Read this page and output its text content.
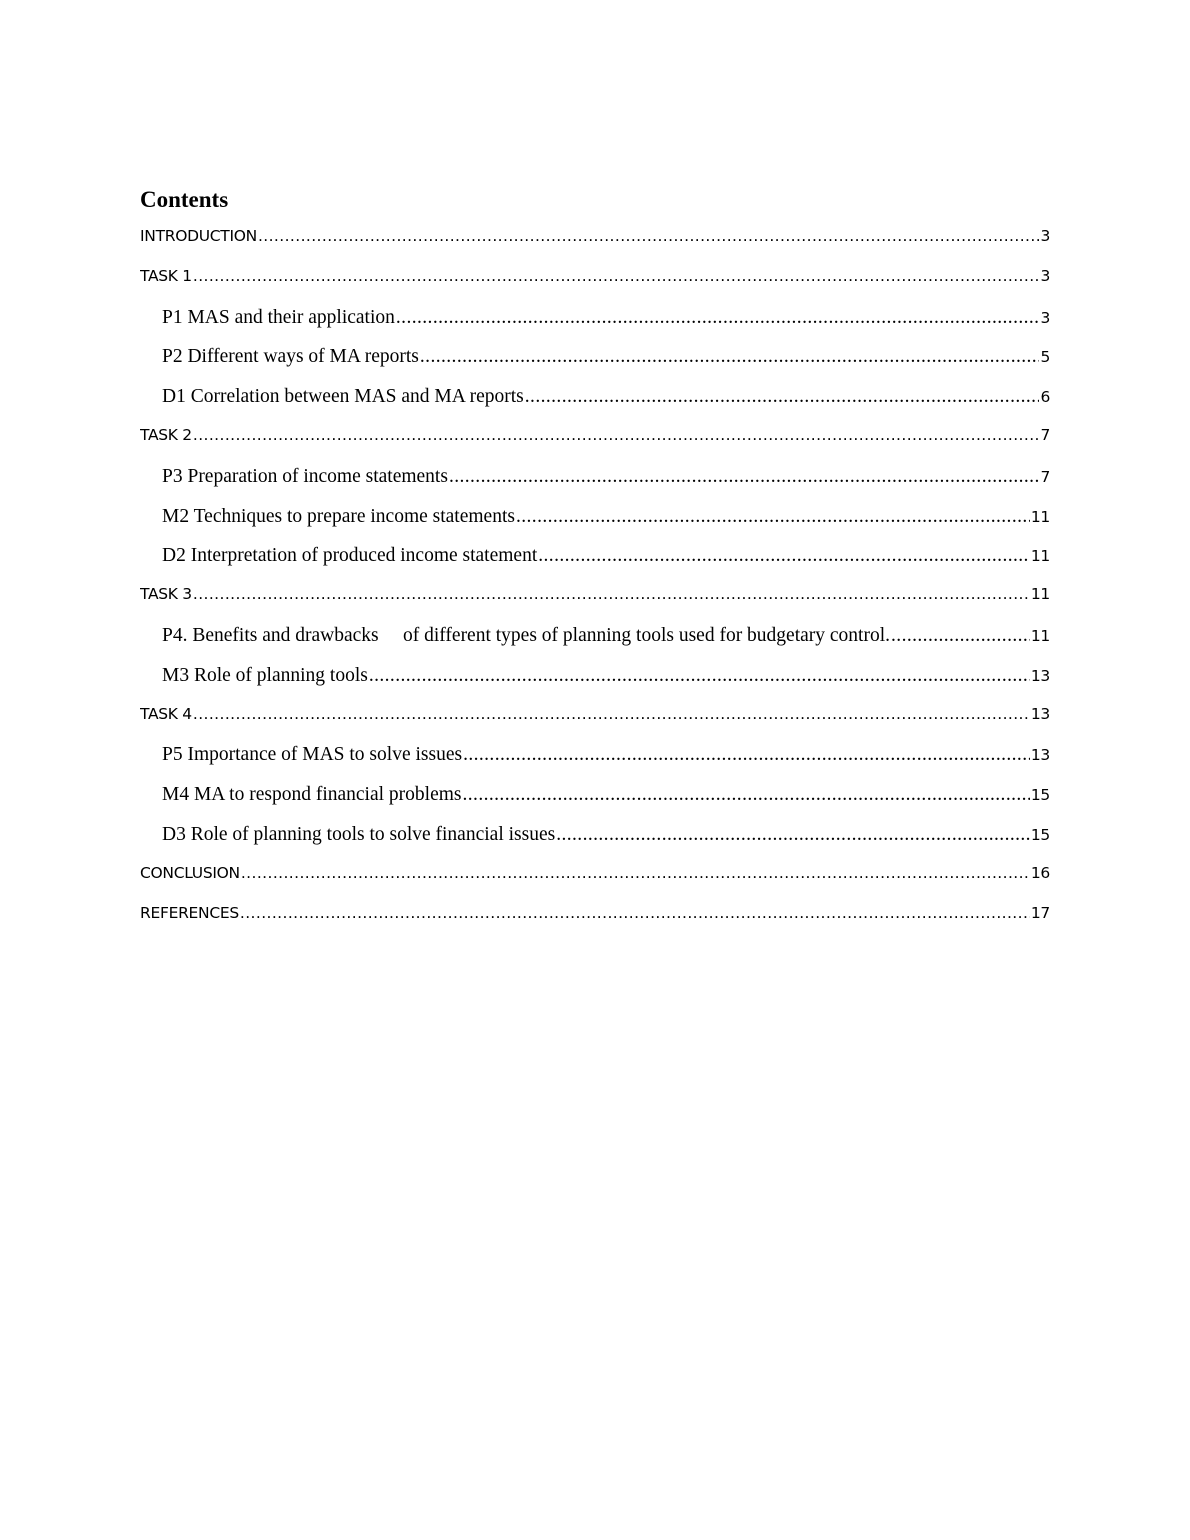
Contents
INTRODUCTION .....	3
TASK 1 .....	3
P1 MAS and their application .....	3
P2 Different ways of MA reports .....	5
D1 Correlation between MAS and MA reports .....	6
TASK 2 .....	7
P3 Preparation of income statements .....	7
M2 Techniques to prepare income statements .....	11
D2 Interpretation of produced income statement .....	11
TASK 3 .....	11
P4. Benefits and drawbacks     of different types of planning tools used for budgetary control. .....	11
M3 Role of planning tools .....	13
TASK 4 .....	13
P5 Importance of MAS to solve issues .....	13
M4 MA to respond financial problems .....	15
D3 Role of planning tools to solve financial issues .....	15
CONCLUSION .....	16
REFERENCES .....	17
